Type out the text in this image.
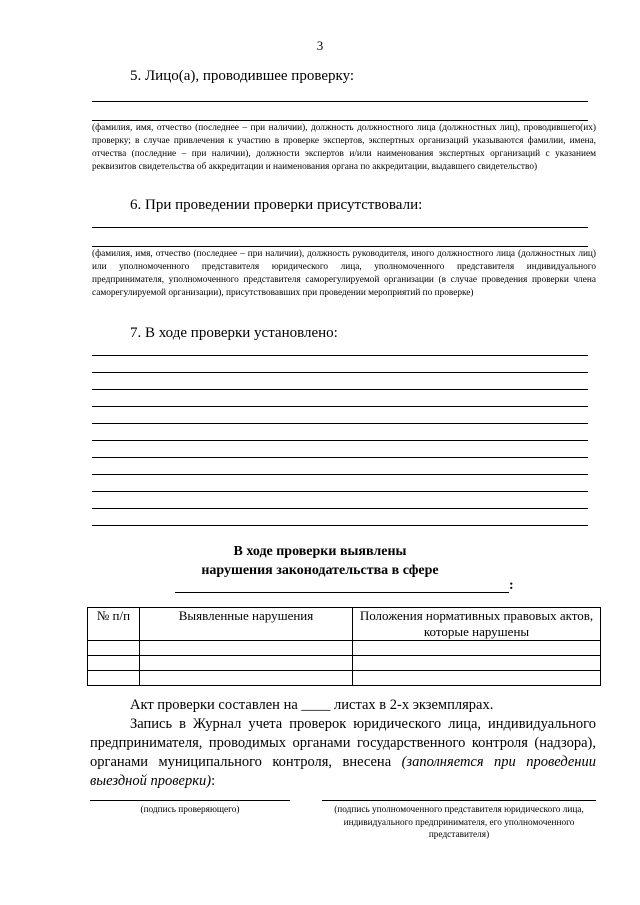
3
5. Лицо(а), проводившее проверку:
(фамилия, имя, отчество (последнее – при наличии), должность должностного лица (должностных лиц), проводившего(их) проверку; в случае привлечения к участию в проверке экспертов, экспертных организаций указываются фамилии, имена, отчества (последние – при наличии), должности экспертов и/или наименования экспертных организаций с указанием реквизитов свидетельства об аккредитации и наименования органа по аккредитации, выдавшего свидетельство)
6. При проведении проверки присутствовали:
(фамилия, имя, отчество (последнее – при наличии), должность руководителя, иного должностного лица (должностных лиц) или уполномоченного представителя юридического лица, уполномоченного представителя индивидуального предпринимателя, уполномоченного представителя саморегулируемой организации (в случае проведения проверки члена саморегулируемой организации), присутствовавших при проведении мероприятий по проверке)
7. В ходе проверки установлено:
В ходе проверки выявлены
нарушения законодательства в сфере
:
№ п/п	Выявленные нарушения	Положения нормативных правовых актов, которые нарушены

Акт проверки составлен на ____ листах в 2-х экземплярах.
Запись в Журнал учета проверок юридического лица, индивидуального предпринимателя, проводимых органами государственного контроля (надзора), органами муниципального контроля, внесена (заполняется при проведении выездной проверки):
(подпись проверяющего)	(подпись уполномоченного представителя юридического лица, индивидуального предпринимателя, его уполномоченного представителя)
